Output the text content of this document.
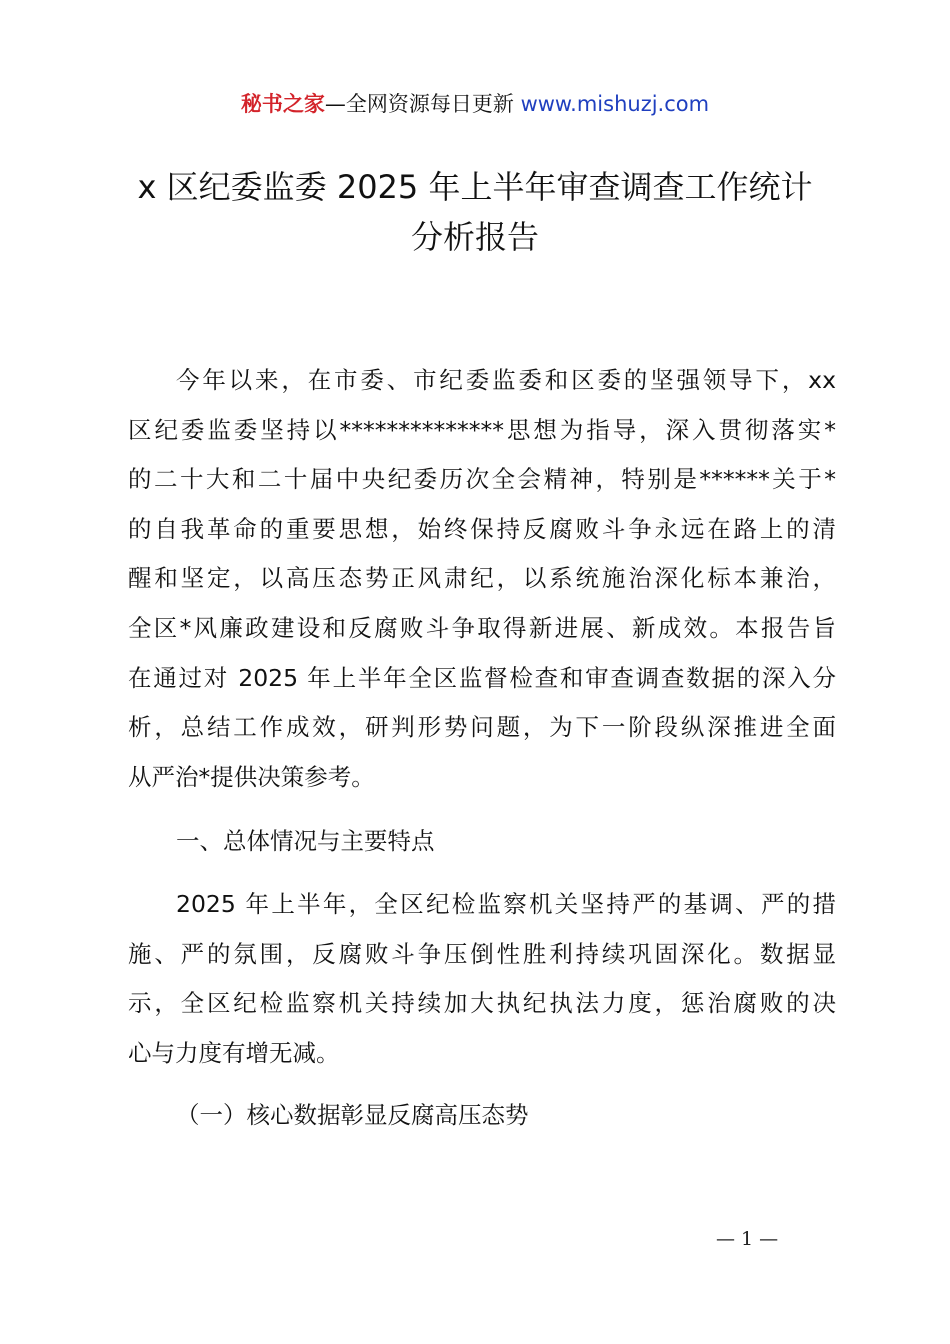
秘书之家—全网资源每日更新 www.mishuzj.com
x 区纪委监委 2025 年上半年审查调查工作统计
分析报告
今年以来，在市委、市纪委监委和区委的坚强领导下，xx
区纪委监委坚持以**************思想为指导，深入贯彻落实*
的二十大和二十届中央纪委历次全会精神，特别是******关于*
的自我革命的重要思想，始终保持反腐败斗争永远在路上的清
醒和坚定，以高压态势正风肃纪，以系统施治深化标本兼治，
全区*风廉政建设和反腐败斗争取得新进展、新成效。本报告旨
在通过对 2025 年上半年全区监督检查和审查调查数据的深入分
析，总结工作成效，研判形势问题，为下一阶段纵深推进全面
从严治*提供决策参考。
一、总体情况与主要特点
2025 年上半年，全区纪检监察机关坚持严的基调、严的措
施、严的氛围，反腐败斗争压倒性胜利持续巩固深化。数据显
示，全区纪检监察机关持续加大执纪执法力度，惩治腐败的决
心与力度有增无减。
（一）核心数据彰显反腐高压态势
— 1 —
